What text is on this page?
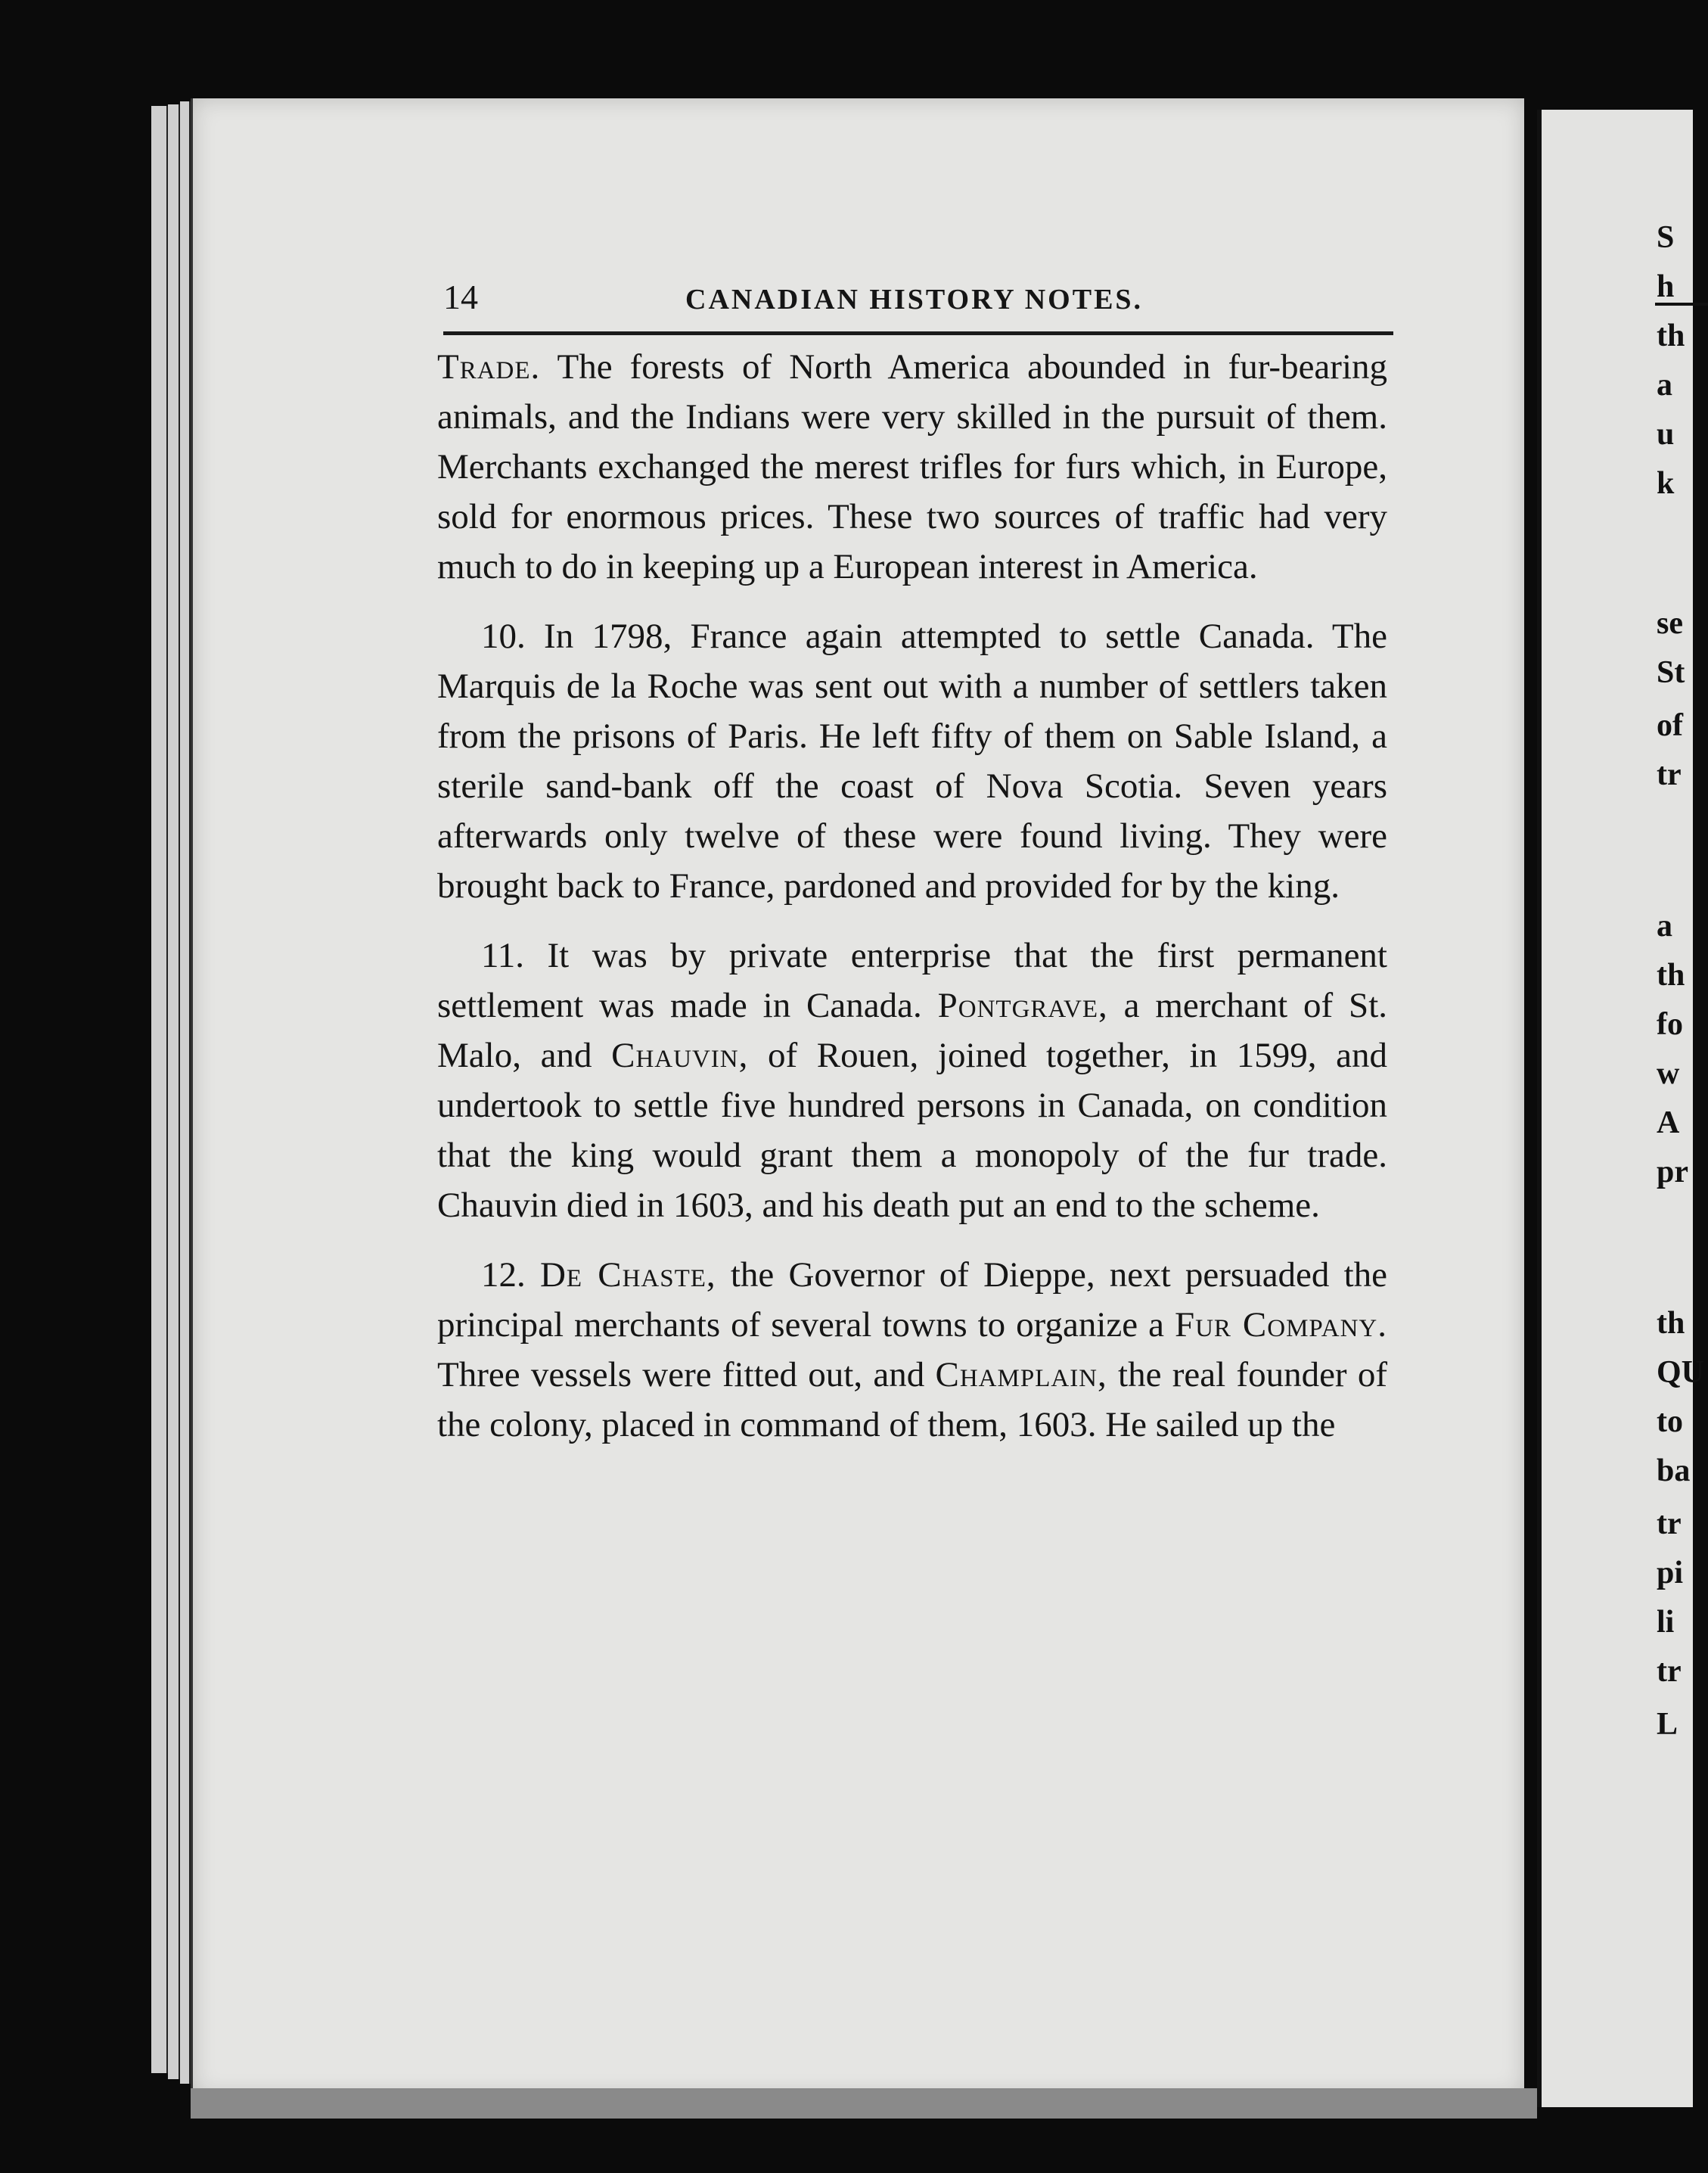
14	CANADIAN HISTORY NOTES.

Trade. The forests of North America abounded in fur-bearing animals, and the Indians were very skilled in the pursuit of them. Merchants exchanged the merest trifles for furs which, in Europe, sold for enormous prices. These two sources of traffic had very much to do in keeping up a European interest in America.

10. In 1798, France again attempted to settle Canada. The Marquis de la Roche was sent out with a number of settlers taken from the prisons of Paris. He left fifty of them on Sable Island, a sterile sand-bank off the coast of Nova Scotia. Seven years afterwards only twelve of these were found living. They were brought back to France, pardoned and provided for by the king.

11. It was by private enterprise that the first permanent settlement was made in Canada. Pontgrave, a merchant of St. Malo, and Chauvin, of Rouen, joined together, in 1599, and undertook to settle five hundred persons in Canada, on condition that the king would grant them a monopoly of the fur trade. Chauvin died in 1603, and his death put an end to the scheme.

12. De Chaste, the Governor of Dieppe, next persuaded the principal merchants of several towns to organize a Fur Company. Three vessels were fitted out, and Champlain, the real founder of the colony, placed in command of them, 1603. He sailed up the

S
h
th
a
u
k
se
St
of
tr
a
th
fo
w
A
pr
th
QU
to
ba
tr
pi
li
tr
L
